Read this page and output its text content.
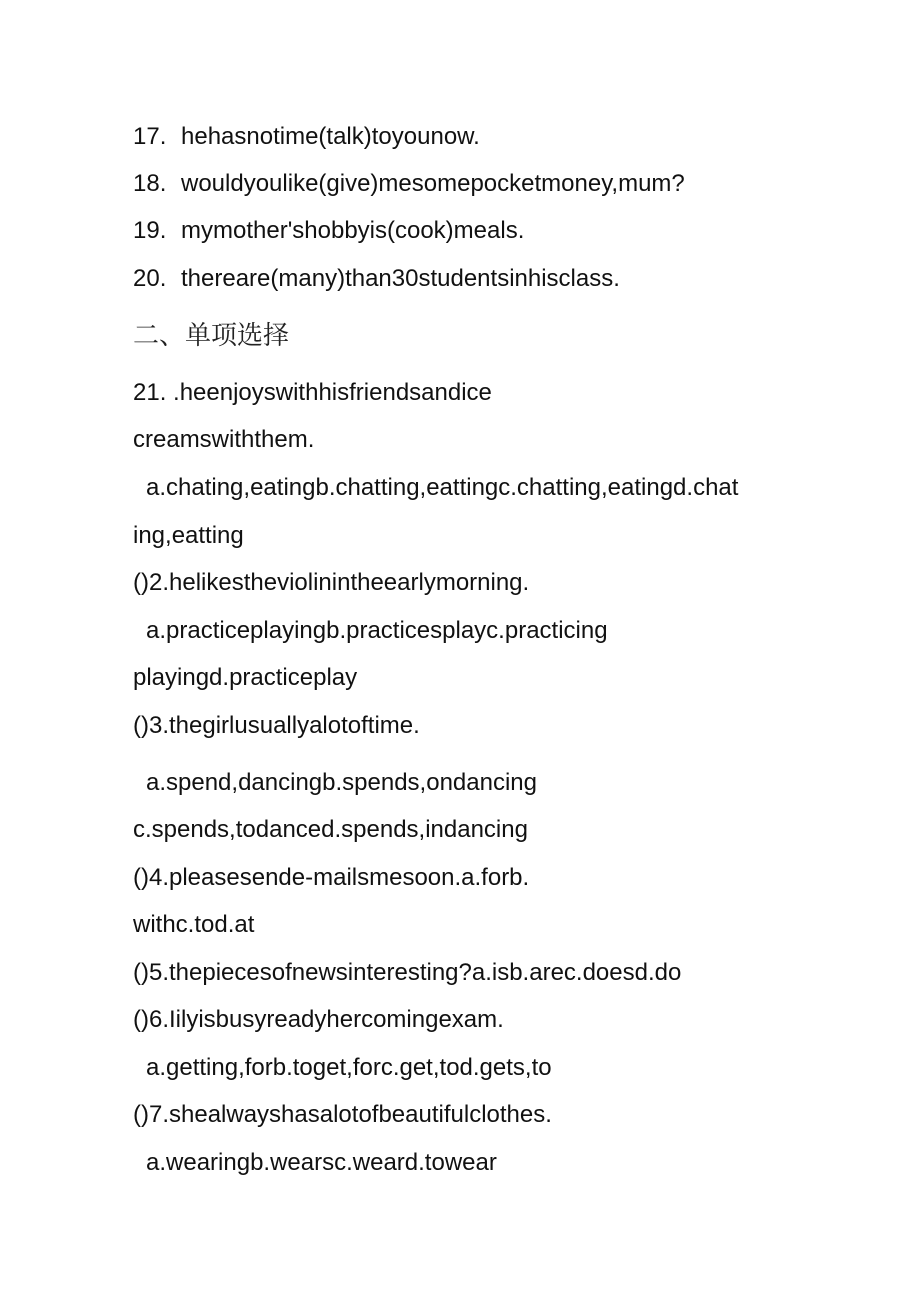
17. hehasnotime(talk)toyounow.
18. wouldyoulike(give)mesomepocketmoney,mum?
19. mymother'shobbyis(cook)meals.
20. thereare(many)than30studentsinhisclass.
二、单项选择
21. .heenjoyswithhisfriendsandice
creamswiththem.
a.chating,eatingb.chatting,eattingc.chatting,eatingd.chat
ing,eatting
()2.helikestheviolinintheearlymorning.
a.practiceplayingb.practicesplayc.practicing
playingd.practiceplay
()3.thegirlusuallyalotoftime.
a.spend,dancingb.spends,ondancing
c.spends,todanced.spends,indancing
()4.pleasesende-mailsmesoon.a.forb.
withc.tod.at
()5.thepiecesofnewsinteresting?a.isb.arec.doesd.do
()6.Iilyisbusyreadyhercomingexam.
a.getting,forb.toget,forc.get,tod.gets,to
()7.shealwayshasalotofbeautifulclothes.
a.wearingb.wearsc.weard.towear
